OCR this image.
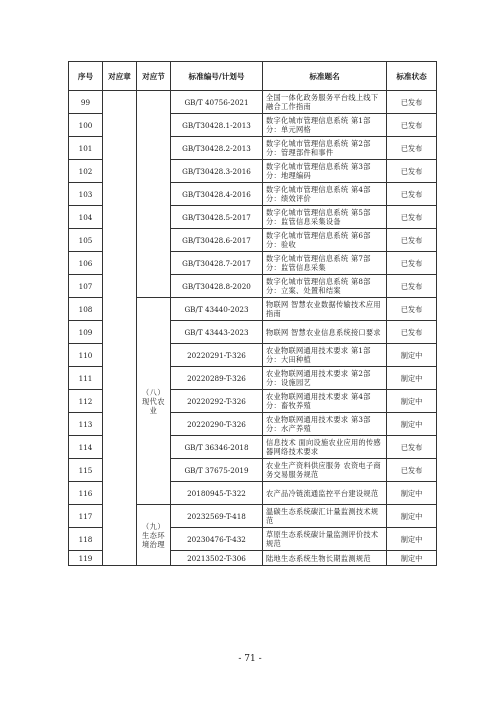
序号	对应章	对应节	标准编号/计划号	标准题名	标准状态
99			GB/T 40756-2021	全国一体化政务服务平台线上线下融合工作指南	已发布
100			GB/T30428.1-2013	数字化城市管理信息系统 第1部分：单元网格	已发布
101			GB/T30428.2-2013	数字化城市管理信息系统 第2部分：管理部件和事件	已发布
102			GB/T30428.3-2016	数字化城市管理信息系统 第3部分：地理编码	已发布
103			GB/T30428.4-2016	数字化城市管理信息系统 第4部分：绩效评价	已发布
104			GB/T30428.5-2017	数字化城市管理信息系统 第5部分：监管信息采集设备	已发布
105			GB/T30428.6-2017	数字化城市管理信息系统 第6部分：验收	已发布
106			GB/T30428.7-2017	数字化城市管理信息系统 第7部分：监管信息采集	已发布
107			GB/T30428.8-2020	数字化城市管理信息系统 第8部分：立案、处置和结案	已发布
108		（八）现代农业	GB/T 43440-2023	物联网 智慧农业数据传输技术应用指南	已发布
109			GB/T 43443-2023	物联网 智慧农业信息系统接口要求	已发布
110			20220291-T-326	农业物联网通用技术要求 第1部分：大田种植	制定中
111			20220289-T-326	农业物联网通用技术要求 第2部分：设施园艺	制定中
112			20220292-T-326	农业物联网通用技术要求 第4部分：畜牧养殖	制定中
113			20220290-T-326	农业物联网通用技术要求 第3部分：水产养殖	制定中
114			GB/T 36346-2018	信息技术 面向设施农业应用的传感器网络技术要求	已发布
115			GB/T 37675-2019	农业生产资料供应服务 农资电子商务交易服务规范	已发布
116			20180945-T-322	农产品冷链流通监控平台建设规范	制定中
117		（九）生态环境治理	20232569-T-418	温碳生态系统碳汇计量监测技术规范	制定中
118			20230476-T-432	草原生态系统碳计量监测评价技术规范	制定中
119			20213502-T-306	陆地生态系统生物长期监测规范	制定中
- 71 -
